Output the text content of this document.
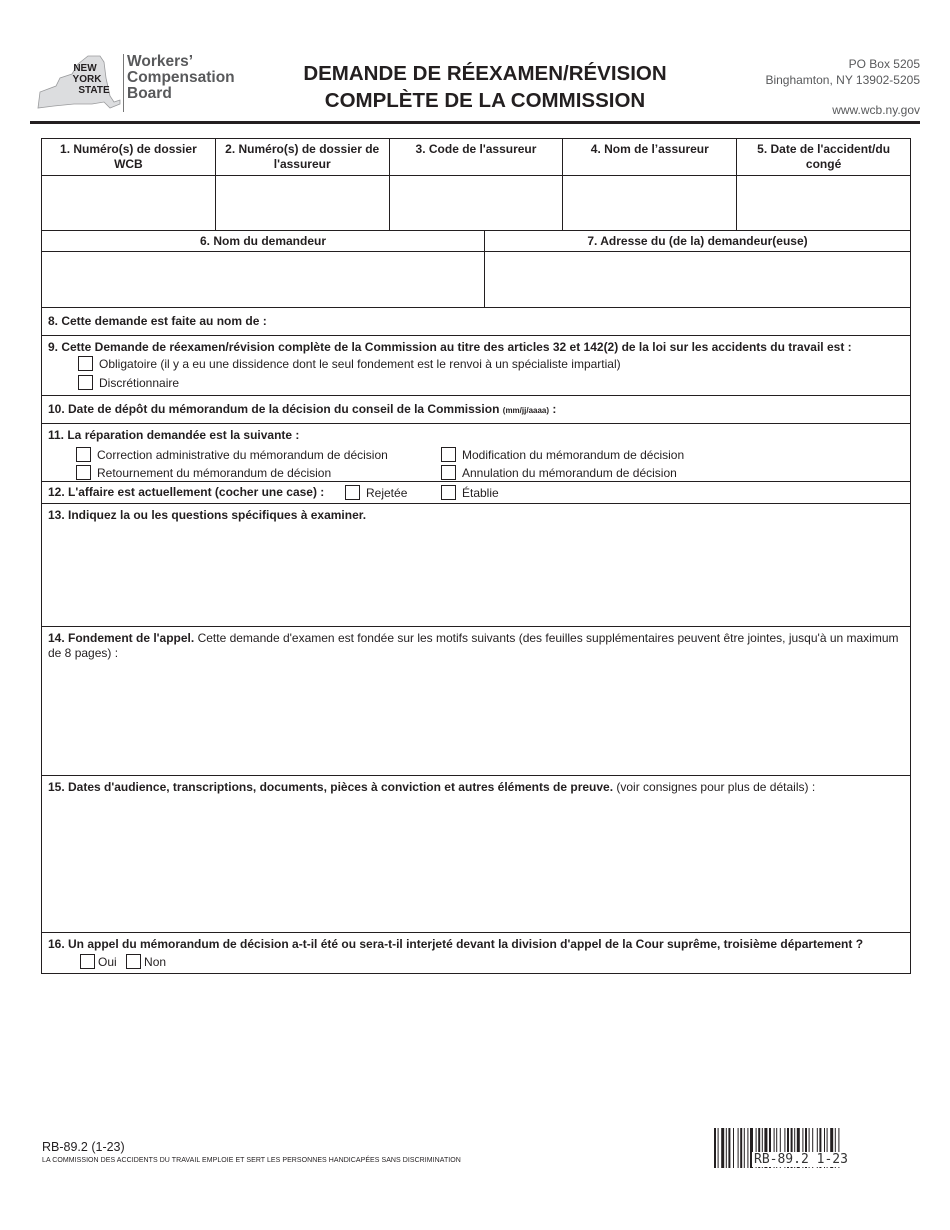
NEW
YORK
STATE
Workers’
Compensation
Board
DEMANDE DE RÉEXAMEN/RÉVISION
COMPLÈTE DE LA COMMISSION
PO Box 5205
Binghamton, NY 13902-5205
www.wcb.ny.gov
1. Numéro(s) de dossier WCB	2. Numéro(s) de dossier de l'assureur	3. Code de l'assureur	4. Nom de l’assureur	5. Date de l'accident/du congé

6. Nom du demandeur	7. Adresse du (de la) demandeur(euse)

8. Cette demande est faite au nom de :
9. Cette Demande de réexamen/révision complète de la Commission au titre des articles 32 et 142(2) de la loi sur les accidents du travail est :
Obligatoire (il y a eu une dissidence dont le seul fondement est le renvoi à un spécialiste impartial)
Discrétionnaire
10. Date de dépôt du mémorandum de la décision du conseil de la Commission (mm/jj/aaaa) :
11. La réparation demandée est la suivante :
Correction administrative du mémorandum de décision
Retournement du mémorandum de décision
Modification du mémorandum de décision
Annulation du mémorandum de décision
12. L'affaire est actuellement (cocher une case) :	Rejetée	Établie
13. Indiquez la ou les questions spécifiques à examiner.
14. Fondement de l'appel. Cette demande d'examen est fondée sur les motifs suivants (des feuilles supplémentaires peuvent être jointes, jusqu'à un maximum de 8 pages) :
15. Dates d'audience, transcriptions, documents, pièces à conviction et autres éléments de preuve. (voir consignes pour plus de détails) :
16. Un appel du mémorandum de décision a-t-il été ou sera-t-il interjeté devant la division d'appel de la Cour suprême, troisième département ?
Oui Non
RB-89.2 (1-23)
LA COMMISSION DES ACCIDENTS DU TRAVAIL EMPLOIE ET SERT LES PERSONNES HANDICAPÉES SANS DISCRIMINATION	RB-89.2 1-23
